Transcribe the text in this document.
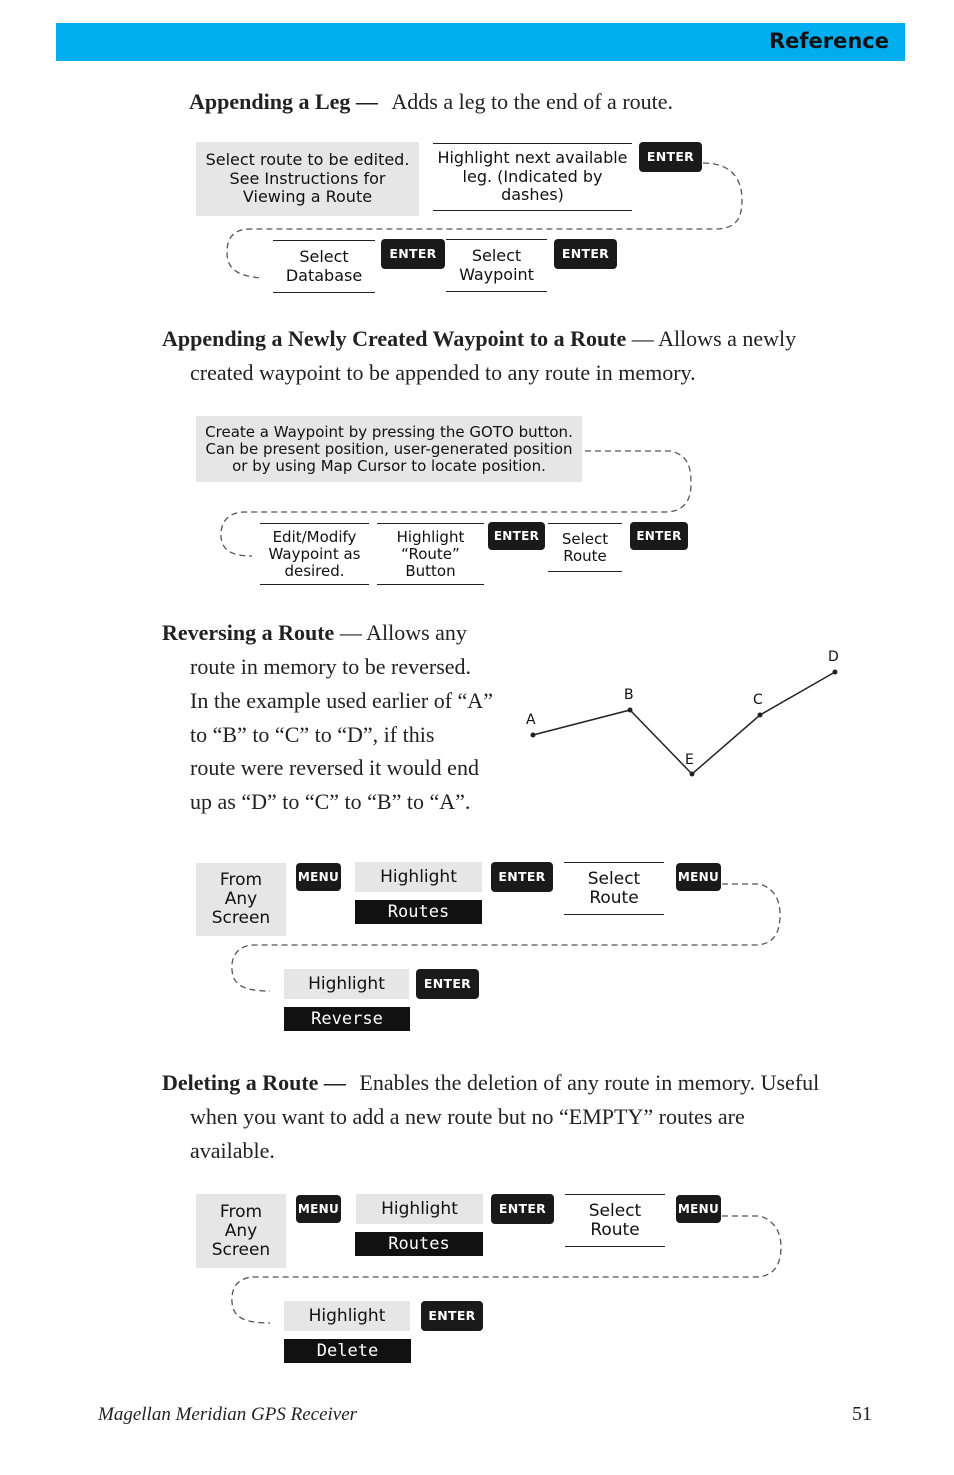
Reference
A
B
E
C
D
Appending a Leg — Adds a leg to the end of a route.
Select route to be edited.
See Instructions for
Viewing a Route
Highlight next available
leg. (Indicated by
dashes)
ENTER
Select
Database
ENTER	Select
Waypoint
ENTER
Appending a Newly Created Waypoint to a Route — Allows a newly
created waypoint to be appended to any route in memory.
Create a Waypoint by pressing the GOTO button.
Can be present position, user-generated position
or by using Map Cursor to locate position.
Edit/Modify
Waypoint as
desired.
Highlight
“Route”
Button
ENTER	Select
Route
ENTER
Reversing a Route — Allows any
route in memory to be reversed.
In the example used earlier of “A”
to “B” to “C” to “D”, if this
route were reversed it would end
up as “D” to “C” to “B” to “A”.
From
Any
Screen
MENU	Highlight
Routes
ENTER	Select
Route
MENU
Highlight	ENTER
Reverse
Deleting a Route — Enables the deletion of any route in memory. Useful
when you want to add a new route but no “EMPTY” routes are
available.
From
Any
Screen
MENU	Highlight
Routes
ENTER	Select
Route
MENU
Highlight	ENTER
Delete
Magellan Meridian GPS Receiver	51
